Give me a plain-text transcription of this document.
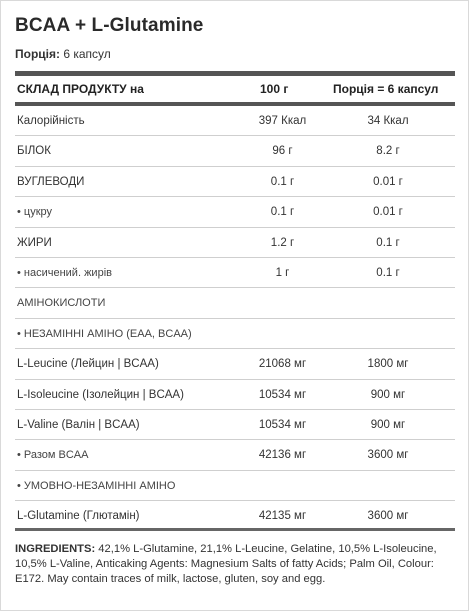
BCAA + L-Glutamine
Порція: 6 капсул
СКЛАД ПРОДУКТУ на	100 г	Порція = 6 капсул
Калорійність	397 Ккал	34 Ккал
БІЛОК	96 г	8.2 г
ВУГЛЕВОДИ	0.1 г	0.01 г
• цукру	0.1 г	0.01 г
ЖИРИ	1.2 г	0.1 г
• насичений. жирів	1 г	0.1 г
АМІНОКИСЛОТИ
• НЕЗАМІННІ АМІНО (ЕАА, BCAA)
L-Leucine (Лейцин | BCAA)	21068 мг	1800 мг
L-Isoleucine (Ізолейцин | BCAA)	10534 мг	900 мг
L-Valine (Валін | BCAA)	10534 мг	900 мг
• Разом BCAA	42136 мг	3600 мг
• УМОВНО-НЕЗАМІННІ АМІНО
L-Glutamine (Глютамін)	42135 мг	3600 мг
INGREDIENTS: 42,1% L-Glutamine, 21,1% L-Leucine, Gelatine, 10,5% L-Isoleucine, 10,5% L-Valine, Anticaking Agents: Magnesium Salts of fatty Acids; Palm Oil, Colour: E172. May contain traces of milk, lactose, gluten, soy and egg.
